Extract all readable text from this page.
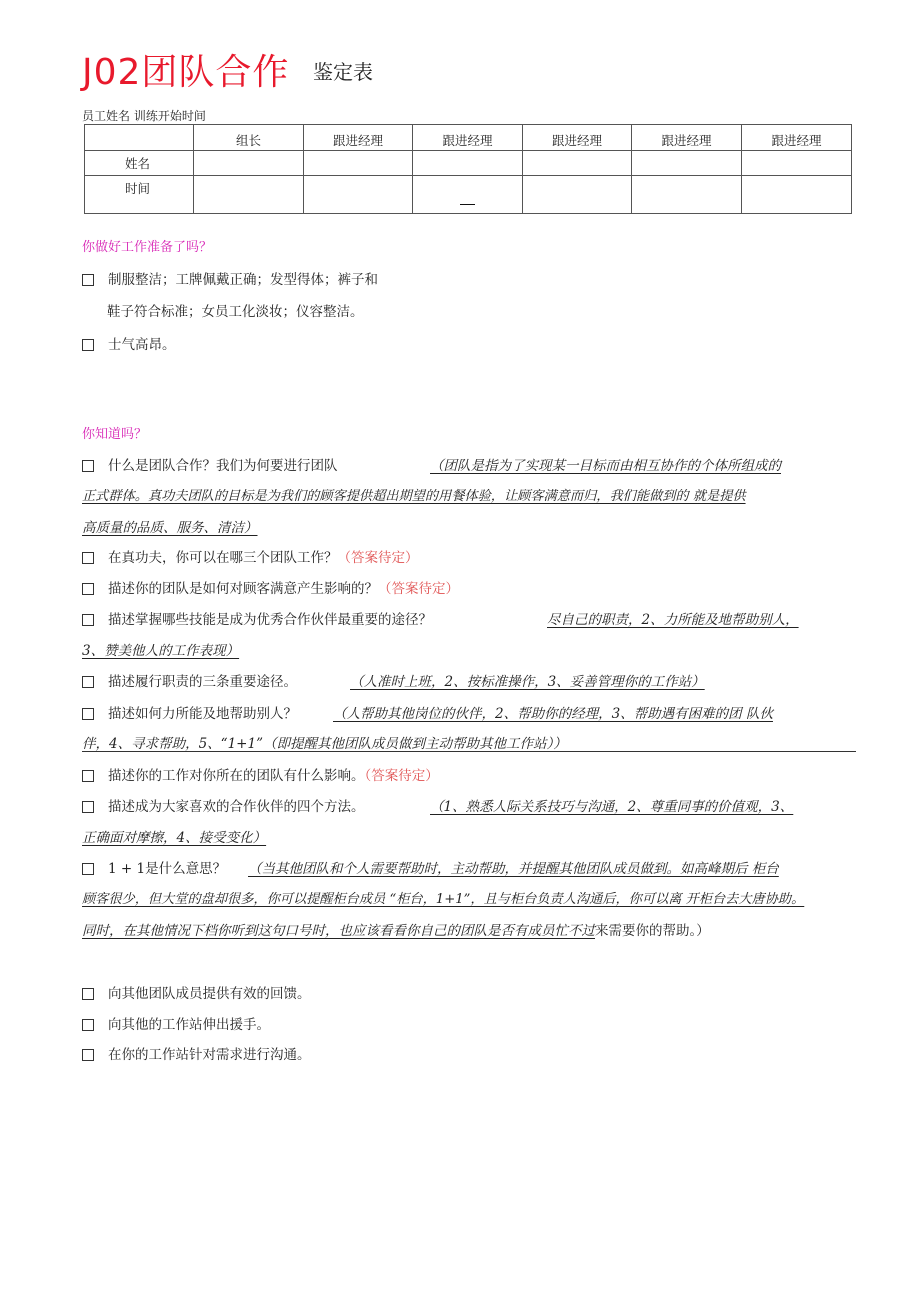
J02团队合作 鉴定表
员工姓名 训练开始时间
	组长	跟进经理	跟进经理	跟进经理	跟进经理	跟进经理
姓名						
时间						
你做好工作准备了吗？
制服整洁；工牌佩戴正确；发型得体；裤子和
鞋子符合标准；女员工化淡妆；仪容整洁。
士气高昂。
你知道吗？
什么是团队合作？我们为何要进行团队	（团队是指为了实现某一目标而由相互协作的个体所组成的
正式群体。真功夫团队的目标是为我们的顾客提供超出期望的用餐体验，让顾客满意而归，我们能做到的 就是提供
高质量的品质、服务、清洁）
在真功夫，你可以在哪三个团队工作？（答案待定）
描述你的团队是如何对顾客满意产生影响的？（答案待定）
描述掌握哪些技能是成为优秀合作伙伴最重要的途径？	尽自己的职责，2、力所能及地帮助别人，
3、赞美他人的工作表现）
描述履行职责的三条重要途径。	（人准时上班，2、按标准操作，3、妥善管理你的工作站）
描述如何力所能及地帮助别人？	（人帮助其他岗位的伙伴，2、帮助你的经理，3、帮助遇有困难的团 队伙
伴，4、寻求帮助，5、“1+1”（即提醒其他团队成员做到主动帮助其他工作站））
描述你的工作对你所在的团队有什么影响。（答案待定）
描述成为大家喜欢的合作伙伴的四个方法。	（1、熟悉人际关系技巧与沟通，2、尊重同事的价值观，3、
正确面对摩擦，4、接受变化）
1 + 1是什么意思？ （当其他团队和个人需要帮助时，主动帮助，并提醒其他团队成员做到。如高峰期后 柜台
顾客很少，但大堂的盘却很多，你可以提醒柜台成员 “柜台，1+1”，且与柜台负责人沟通后，你可以离 开柜台去大唐协助。
同时，在其他情况下档你听到这句口号时，也应该看看你自己的团队是否有成员忙不过来需要你的帮助。）
向其他团队成员提供有效的回馈。
向其他的工作站伸出援手。
在你的工作站针对需求进行沟通。
